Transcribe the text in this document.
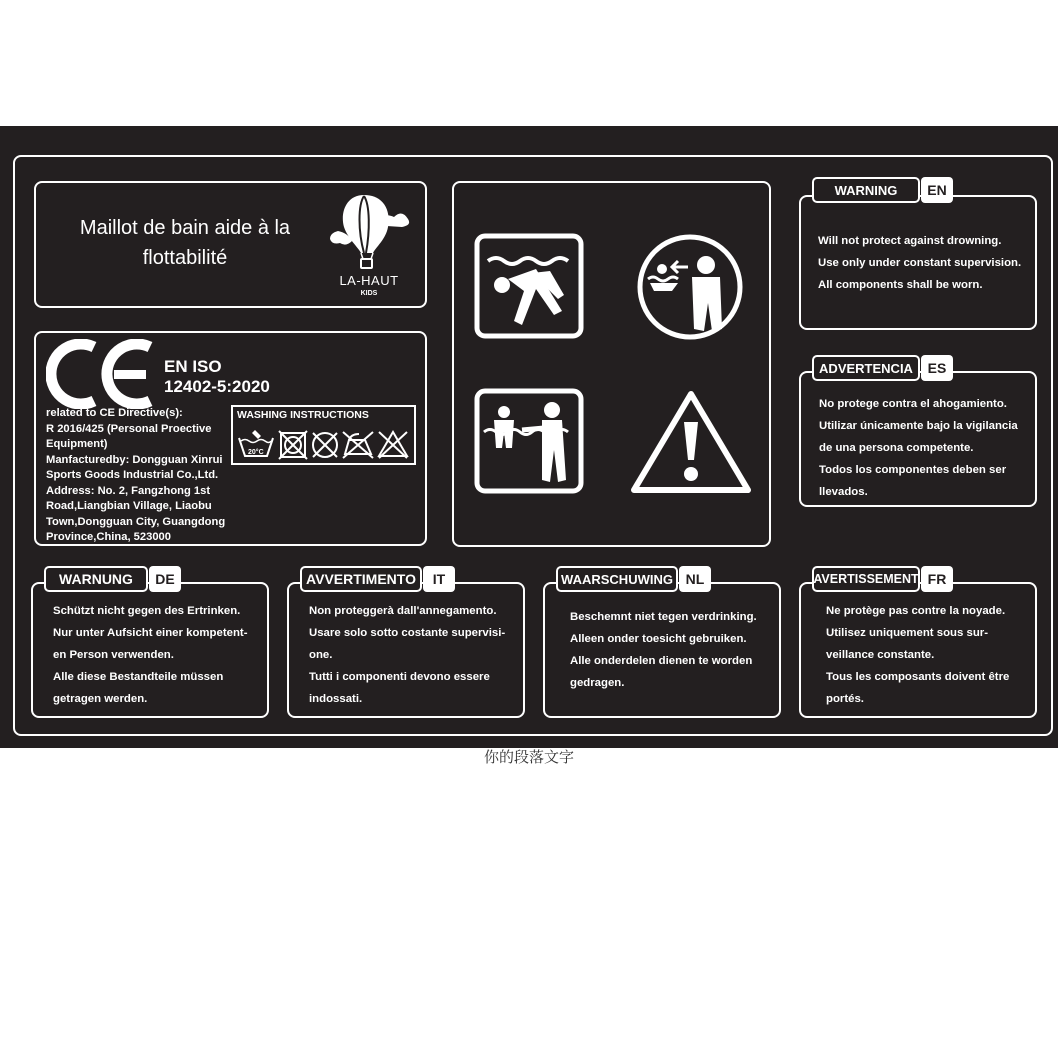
Maillot de bain aide à la
flottabilité
LA-HAUT
KIDS
EN ISO
12402-5:2020
related to CE Directive(s):
R 2016/425 (Personal Proective
Equipment)
Manfacturedby: Dongguan Xinrui
Sports Goods Industrial Co.,Ltd.
Address: No. 2, Fangzhong 1st
Road,Liangbian Village, Liaobu
Town,Dongguan City, Guangdong
Province,China, 523000
WASHING INSTRUCTIONS
20°C
Will not protect against drowning.
Use only under constant supervision.
All components shall be worn.
WARNING	EN
No protege contra el ahogamiento.
Utilizar únicamente bajo la vigilancia
de una persona competente.
Todos los componentes deben ser
llevados.
ADVERTENCIA	ES
Schützt nicht gegen des Ertrinken.
Nur unter Aufsicht einer kompetent-
en Person verwenden.
Alle diese Bestandteile müssen
getragen werden.
WARNUNG	DE
Non proteggerà dall'annegamento.
Usare solo sotto costante supervisi-
one.
Tutti i componenti devono essere
indossati.
AVVERTIMENTO	IT
Beschemnt niet tegen verdrinking.
Alleen onder toesicht gebruiken.
Alle onderdelen dienen te worden
gedragen.
WAARSCHUWING NL
Ne protège pas contre la noyade.
Utilisez uniquement sous sur-
veillance constante.
Tous les composants doivent être
portés.
AVERTISSEMENT FR
你的段落文字
